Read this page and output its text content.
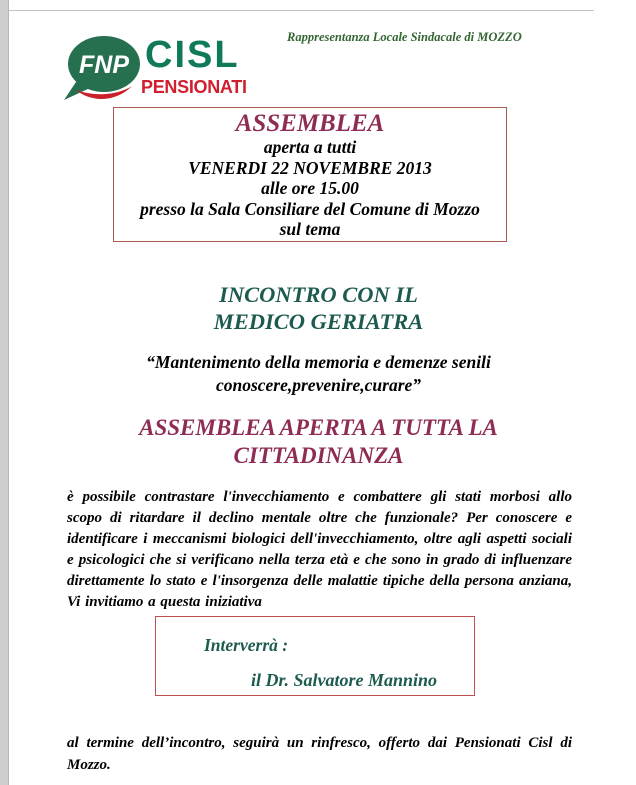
FNP CISL
PENSIONATI
Rappresentanza Locale Sindacale di MOZZO
ASSEMBLEA
aperta a tutti
VENERDI 22 NOVEMBRE 2013
alle ore 15.00
presso la Sala Consiliare del Comune di Mozzo
sul tema
INCONTRO CON IL
MEDICO GERIATRA
“Mantenimento della memoria e demenze senili
conoscere,prevenire,curare”
ASSEMBLEA APERTA A TUTTA LA
CITTADINANZA
è possibile contrastare l'invecchiamento e combattere gli stati morbosi allo scopo di ritardare il declino mentale oltre che funzionale? Per conoscere e identificare i meccanismi biologici dell'invecchiamento, oltre agli aspetti sociali e psicologici che si verificano nella terza età e che sono in grado di influenzare direttamente lo stato e l'insorgenza delle malattie tipiche della persona anziana, Vi invitiamo a questa iniziativa
Interverrà :
il Dr. Salvatore Mannino
al termine dell’incontro, seguirà un rinfresco, offerto dai Pensionati Cisl di Mozzo.
